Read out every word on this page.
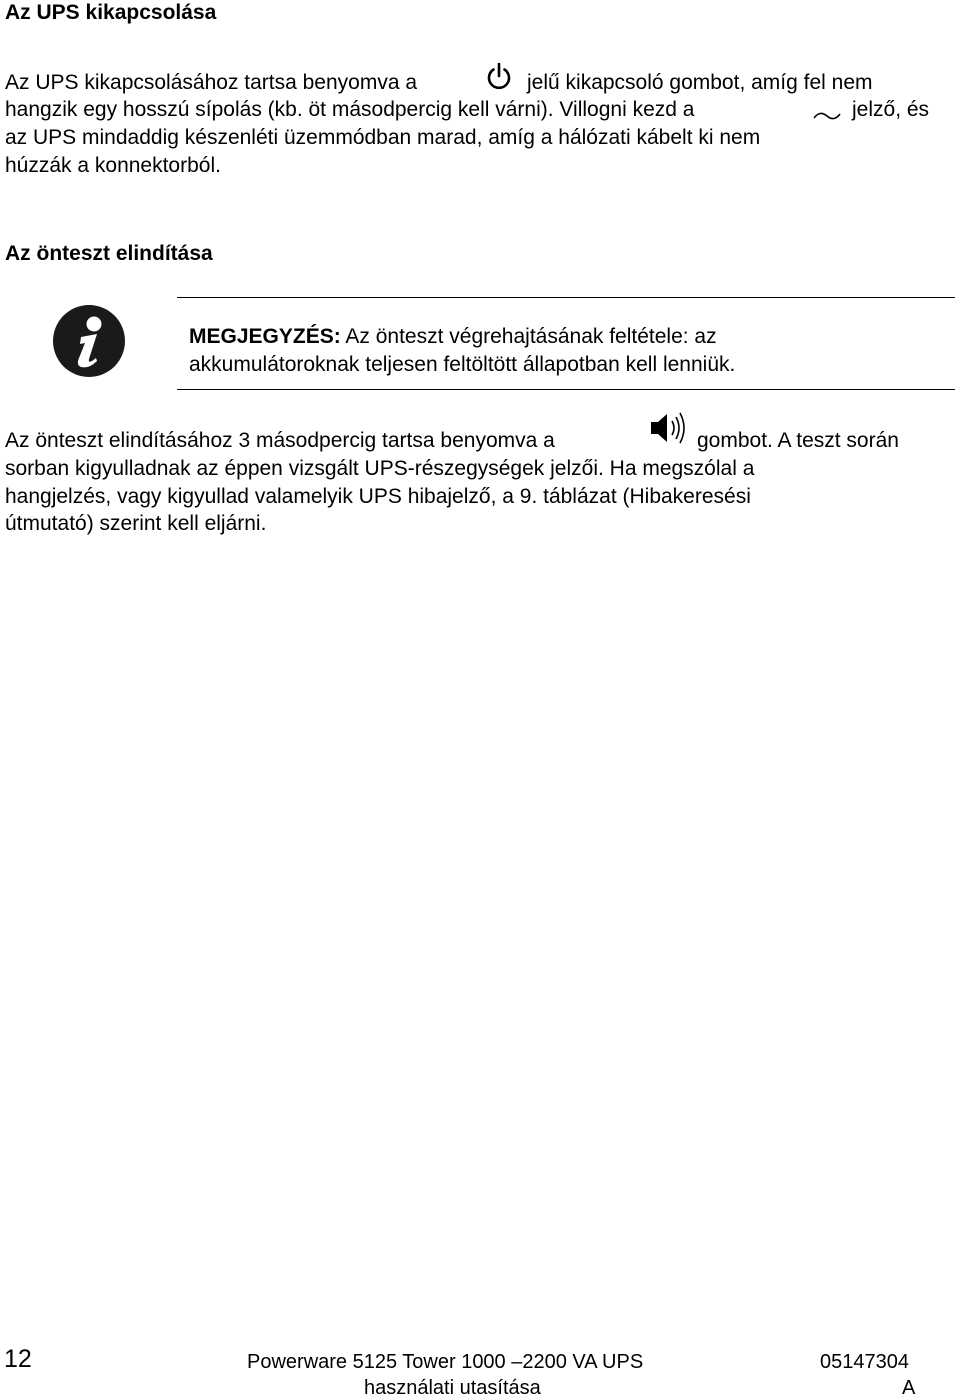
Az UPS kikapcsolása
Az UPS kikapcsolásához tartsa benyomva a	jelű kikapcsoló gombot, amíg fel nem
hangzik egy hosszú sípolás (kb. öt másodpercig kell várni). Villogni kezd a	jelző, és
az UPS mindaddig készenléti üzemmódban marad, amíg a hálózati kábelt ki nem
húzzák a konnektorból.
Az önteszt elindítása
MEGJEGYZÉS: Az önteszt végrehajtásának feltétele: az
akkumulátoroknak teljesen feltöltött állapotban kell lenniük.
Az önteszt elindításához 3 másodpercig tartsa benyomva a	gombot. A teszt során
sorban kigyulladnak az éppen vizsgált UPS-részegységek jelzői. Ha megszólal a
hangjelzés, vagy kigyullad valamelyik UPS hibajelző, a 9. táblázat (Hibakeresési
útmutató) szerint kell eljárni.
12	Powerware 5125 Tower 1000 –2200 VA UPS
használati utasítása
05147304
A
